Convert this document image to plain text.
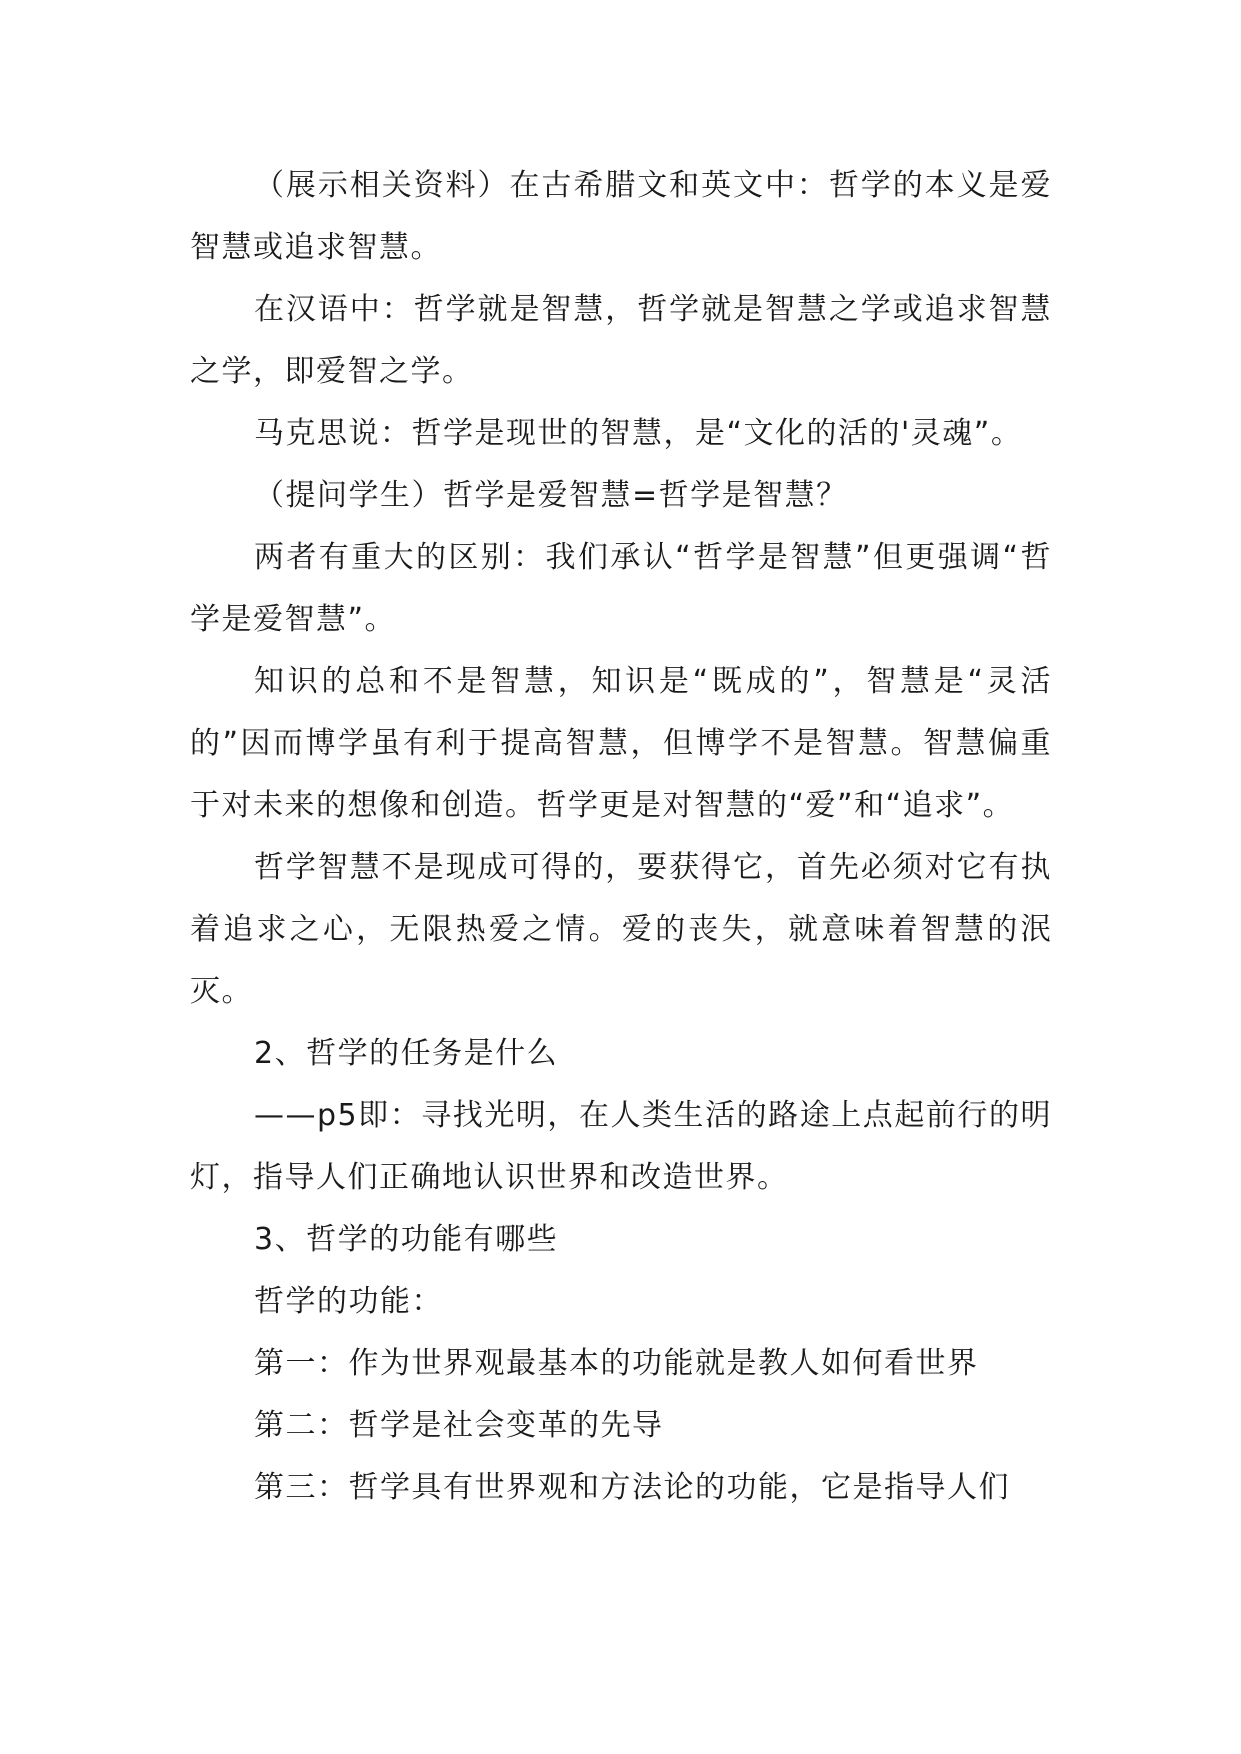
（展示相关资料）在古希腊文和英文中：哲学的本义是爱智慧或追求智慧。

在汉语中：哲学就是智慧，哲学就是智慧之学或追求智慧之学，即爱智之学。

马克思说：哲学是现世的智慧，是“文化的活的'灵魂”。

（提问学生）哲学是爱智慧=哲学是智慧？

两者有重大的区别：我们承认“哲学是智慧”但更强调“哲学是爱智慧”。

知识的总和不是智慧，知识是“既成的”，智慧是“灵活的”因而博学虽有利于提高智慧，但博学不是智慧。智慧偏重于对未来的想像和创造。哲学更是对智慧的“爱”和“追求”。

哲学智慧不是现成可得的，要获得它，首先必须对它有执着追求之心，无限热爱之情。爱的丧失，就意味着智慧的泯灭。

2、哲学的任务是什么

——p5即：寻找光明，在人类生活的路途上点起前行的明灯，指导人们正确地认识世界和改造世界。

3、哲学的功能有哪些

哲学的功能：

第一：作为世界观最基本的功能就是教人如何看世界

第二：哲学是社会变革的先导

第三：哲学具有世界观和方法论的功能，它是指导人们
